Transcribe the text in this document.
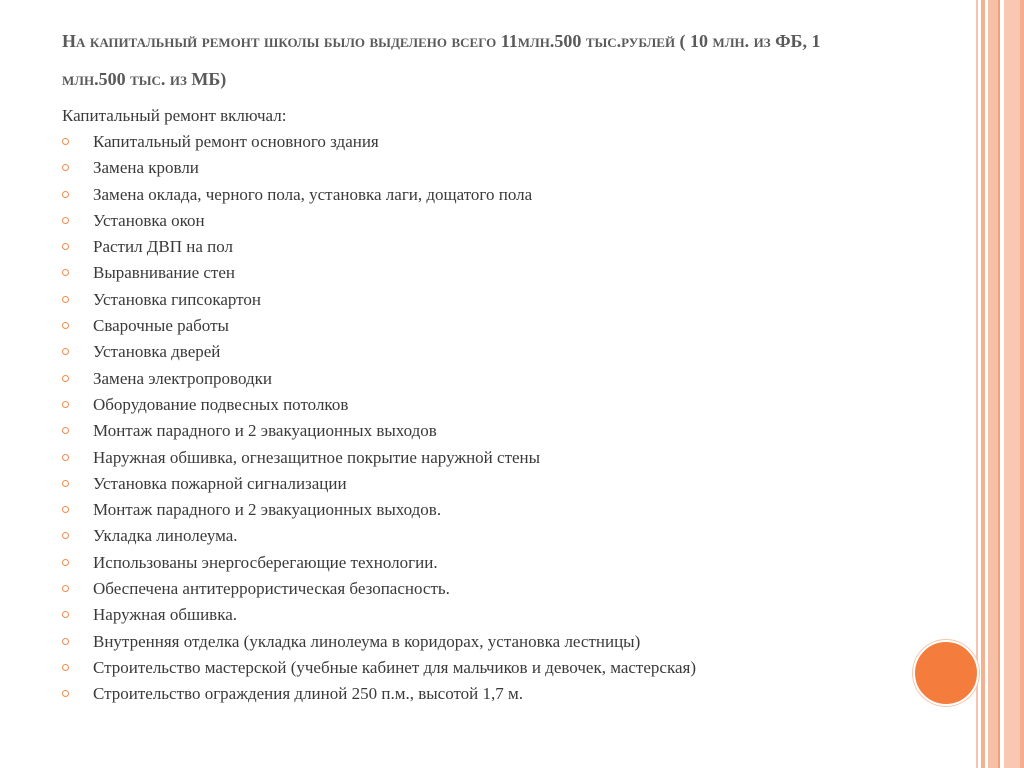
На капитальный ремонт школы было выделено всего 11млн.500 тыс.рублей ( 10 млн. из ФБ, 1 млн.500 тыс. из МБ)

Капитальный ремонт включал:

Капитальный ремонт основного здания
Замена кровли
Замена оклада, черного пола, установка лаги, дощатого пола
Установка окон
Растил ДВП на пол
Выравнивание стен
Установка гипсокартон
Сварочные работы
Установка дверей
Замена электропроводки
Оборудование подвесных потолков
Монтаж парадного и 2 эвакуационных выходов
Наружная обшивка, огнезащитное покрытие наружной стены
Установка пожарной сигнализации
Монтаж парадного и 2 эвакуационных выходов.
Укладка линолеума.
Использованы энергосберегающие технологии.
Обеспечена антитеррористическая безопасность.
Наружная обшивка.
Внутренняя отделка (укладка линолеума в коридорах, установка лестницы)
Строительство мастерской (учебные кабинет для мальчиков и девочек, мастерская)
Строительство ограждения длиной 250 п.м., высотой 1,7 м.
